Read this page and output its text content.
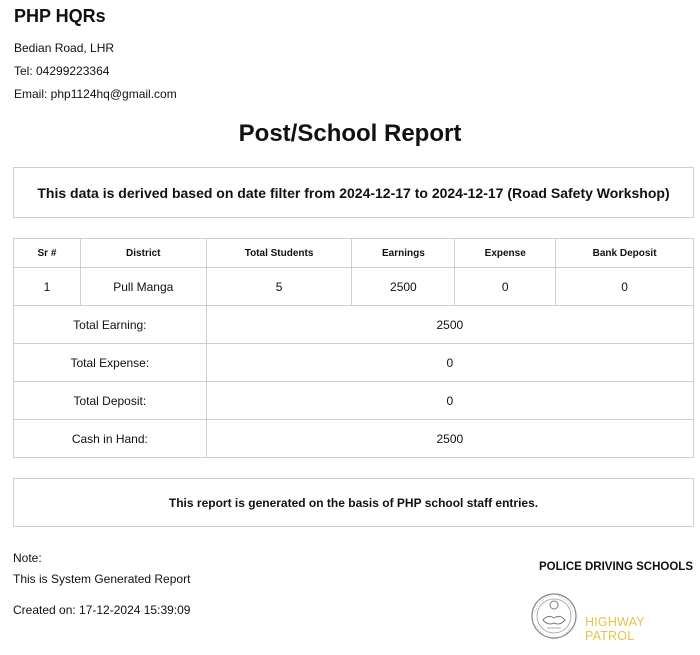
PHP HQRs
Bedian Road, LHR
Tel: 04299223364
Email: php1124hq@gmail.com
Post/School Report
This data is derived based on date filter from 2024-12-17 to 2024-12-17 (Road Safety Workshop)
Sr #	District	Total Students	Earnings	Expense	Bank Deposit
1	Pull Manga	5	2500	0	0
Total Earning:		2500			
Total Expense:		0			
Total Deposit:		0			
Cash in Hand:		2500			
This report is generated on the basis of PHP school staff entries.
Note:
This is System Generated Report
Created on: 17-12-2024 15:39:09
POLICE DRIVING SCHOOLS
HIGHWAY PATROL
